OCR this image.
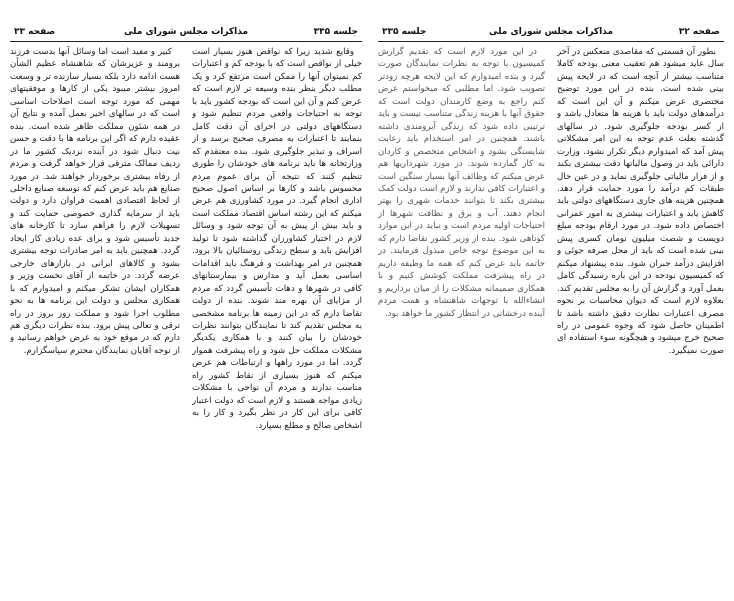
جلسه ۳۳۵
مذاکرات مجلس شورای ملی
صفحه ۳۳

وقایع شدید زیرا که نواقص هنوز بسیار است خیلی از نواقص است که با بودجه کم و اعتبارات کم نمیتوان آنها را ممکن است مرتفع کرد و یک مطلب دیگر بنظر بنده وسیعه تر لازم است که عرض کنم و آن این است که بودجه کشور باید با توجه به احتیاجات واقعی مردم تنظیم شود و دستگاههای دولتی در اجرای آن دقت کامل بنمایند تا اعتبارات به مصرف صحیح برسد و از اسراف و تبذیر جلوگیری شود. بنده معتقدم که وزارتخانه ها باید برنامه های خودشان را طوری تنظیم کنند که نتیجه آن برای عموم مردم محسوس باشد و کارها بر اساس اصول صحیح اداری انجام گیرد. در مورد کشاورزی هم عرض میکنم که این رشته اساس اقتصاد مملکت است و باید بیش از پیش به آن توجه شود و وسائل لازم در اختیار کشاورزان گذاشته شود تا تولید افزایش یابد و سطح زندگی روستائیان بالا برود. همچنین در امر بهداشت و فرهنگ باید اقدامات اساسی بعمل آید و مدارس و بیمارستانهای کافی در شهرها و دهات تأسیس گردد که مردم از مزایای آن بهره مند شوند. بنده از دولت تقاضا دارم که در این زمینه ها برنامه مشخصی به مجلس تقدیم کند تا نمایندگان بتوانند نظرات خودشان را بیان کنند و با همکاری یکدیگر مشکلات مملکت حل شود و راه پیشرفت هموار گردد. اما در مورد راهها و ارتباطات هم عرض میکنم که هنوز بسیاری از نقاط کشور راه مناسب ندارند و مردم آن نواحی با مشکلات زیادی مواجه هستند و لازم است که دولت اعتبار کافی برای این کار در نظر بگیرد و کار را به اشخاص صالح و مطلع بسپارد.

کبیر و مفید است اما وسائل آنها بدست فرزند برومند و عزیزشان که شاهنشاه عظیم الشأن هست ادامه دارد بلکه بسیار سازنده تر و وسعت امروز بیشتر میبود یکی از کارها و موفقیتهای مهمی که مورد توجه است اصلاحات اساسی است که در سالهای اخیر بعمل آمده و نتایج آن در همه شئون مملکت ظاهر شده است. بنده عقیده دارم که اگر این برنامه ها با دقت و حسن نیت دنبال شود در آینده نزدیک کشور ما در ردیف ممالک مترقی قرار خواهد گرفت و مردم از رفاه بیشتری برخوردار خواهند شد. در مورد صنایع هم باید عرض کنم که توسعه صنایع داخلی از لحاظ اقتصادی اهمیت فراوان دارد و دولت باید از سرمایه گذاری خصوصی حمایت کند و تسهیلات لازم را فراهم سازد تا کارخانه های جدید تأسیس شود و برای عده زیادی کار ایجاد گردد. همچنین باید به امر صادرات توجه بیشتری بشود و کالاهای ایرانی در بازارهای خارجی عرضه گردد. در خاتمه از آقای نخست وزیر و همکاران ایشان تشکر میکنم و امیدوارم که با همکاری مجلس و دولت این برنامه ها به نحو مطلوب اجرا شود و مملکت روز بروز در راه ترقی و تعالی پیش برود. بنده نظرات دیگری هم دارم که در موقع خود به عرض خواهم رسانید و از توجه آقایان نمایندگان محترم سپاسگزارم.

صفحه ۳۲
مذاکرات مجلس شورای ملی
جلسه ۳۳۵

بطور آن قسمتی که مقاصدی منعکس در آخر سال عاید میشود هم تعقیب معنی بودجه کاملا متناسب بیشتر از آنچه است که در لایحه پیش بینی شده است. بنده در این مورد توضیح مختصری عرض میکنم و آن این است که درآمدهای دولت باید با هزینه ها متعادل باشد و از کسر بودجه جلوگیری شود. در سالهای گذشته بعلت عدم توجه به این امر مشکلاتی پیش آمد که امیدوارم دیگر تکرار نشود. وزارت دارائی باید در وصول مالیاتها دقت بیشتری بکند و از فرار مالیاتی جلوگیری نماید و در عین حال طبقات کم درآمد را مورد حمایت قرار دهد. همچنین هزینه های جاری دستگاههای دولتی باید کاهش یابد و اعتبارات بیشتری به امور عمرانی اختصاص داده شود. در مورد ارقام بودجه مبلغ دویست و شصت میلیون تومان کسری پیش بینی شده است که باید از محل صرفه جوئی و افزایش درآمد جبران شود. بنده پیشنهاد میکنم که کمیسیون بودجه در این باره رسیدگی کامل بعمل آورد و گزارش آن را به مجلس تقدیم کند. بعلاوه لازم است که دیوان محاسبات بر نحوه مصرف اعتبارات نظارت دقیق داشته باشد تا اطمینان حاصل شود که وجوه عمومی در راه صحیح خرج میشود و هیچگونه سوء استفاده ای صورت نمیگیرد.

در این مورد لازم است که تقدیم گزارش کمیسیون با توجه به نظرات نمایندگان صورت گیرد و بنده امیدوارم که این لایحه هرچه زودتر تصویب شود. اما مطلبی که میخواستم عرض کنم راجع به وضع کارمندان دولت است که حقوق آنها با هزینه زندگی متناسب نیست و باید ترتیبی داده شود که زندگی آبرومندی داشته باشند. همچنین در امر استخدام باید رعایت شایستگی بشود و اشخاص متخصص و کاردان به کار گمارده شوند. در مورد شهرداریها هم عرض میکنم که وظائف آنها بسیار سنگین است و اعتبارات کافی ندارند و لازم است دولت کمک بیشتری بکند تا بتوانند خدمات شهری را بهتر انجام دهند. آب و برق و نظافت شهرها از احتیاجات اولیه مردم است و نباید در این موارد کوتاهی شود. بنده از وزیر کشور تقاضا دارم که به این موضوع توجه خاص مبذول فرمایند. در خاتمه باید عرض کنم که همه ما وظیفه داریم در راه پیشرفت مملکت کوشش کنیم و با همکاری صمیمانه مشکلات را از میان برداریم و انشاءالله با توجهات شاهنشاه و همت مردم آینده درخشانی در انتظار کشور ما خواهد بود.
